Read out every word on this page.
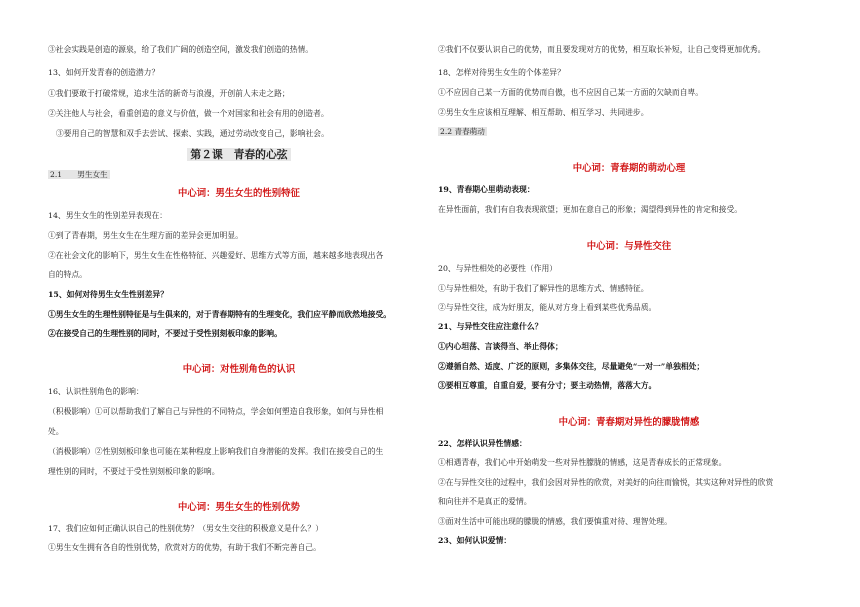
③社会实践是创造的源泉，给了我们广阔的创造空间，激发我们创造的热情。
13、如何开发青春的创造潜力？
①我们要敢于打破常规，追求生活的新奇与浪漫，开创前人未走之路；
②关注他人与社会，看重创造的意义与价值，做一个对国家和社会有用的创造者。
③要用自己的智慧和双手去尝试、探索、实践，通过劳动改变自己，影响社会。
第２课　青春的心弦
2.1　　男生女生
中心词：男生女生的性别特征
14、男生女生的性别差异表现在：
①到了青春期，男生女生在生理方面的差异会更加明显。
②在社会文化的影响下，男生女生在性格特征、兴趣爱好、思维方式等方面，越来越多地表现出各
自的特点。
15、如何对待男生女生性别差异？
①男生女生的生理性别特征是与生俱来的，对于青春期特有的生理变化，我们应平静而欣然地接受。
②在接受自己的生理性别的同时，不要过于受性别刻板印象的影响。
中心词：对性别角色的认识
16、认识性别角色的影响：
（积极影响）①可以帮助我们了解自己与异性的不同特点，学会如何塑造自我形象，如何与异性相
处。
（消极影响）②性别刻板印象也可能在某种程度上影响我们自身潜能的发挥。我们在接受自己的生
理性别的同时，不要过于受性别刻板印象的影响。
中心词：男生女生的性别优势
17、我们应如何正确认识自己的性别优势？（男女生交往的积极意义是什么？）
①男生女生拥有各自的性别优势，欣赏对方的优势，有助于我们不断完善自己。
②我们不仅要认识自己的优势，而且要发现对方的优势，相互取长补短，让自己变得更加优秀。
18、怎样对待男生女生的个体差异？
①不应因自己某一方面的优势而自傲，也不应因自己某一方面的欠缺而自卑。
②男生女生应该相互理解、相互帮助、相互学习、共同进步。
2.2 青春萌动
中心词：青春期的萌动心理
19、青春期心里萌动表现：
在异性面前，我们有自我表现欲望；更加在意自己的形象；渴望得到异性的肯定和接受。
中心词：与异性交往
20、与异性相处的必要性（作用）
①与异性相处，有助于我们了解异性的思维方式、情感特征。
②与异性交往，成为好朋友，能从对方身上看到某些优秀品质。
21、与异性交往应注意什么？
①内心坦荡、言谈得当、举止得体；
②遵循自然、适度、广泛的原则，多集体交往，尽量避免“一对一”单独相处；
③要相互尊重，自重自爱，要有分寸；要主动热情，落落大方。
中心词：青春期对异性的朦胧情感
22、怎样认识异性情感：
①相遇青春，我们心中开始萌发一些对异性朦胧的情感，这是青春成长的正常现象。
②在与异性交往的过程中，我们会因对异性的欣赏，对美好的向往而愉悦，其实这种对异性的欣赏
和向往并不是真正的爱情。
③面对生活中可能出现的朦胧的情感，我们要慎重对待、理智处理。
23、如何认识爱情：
